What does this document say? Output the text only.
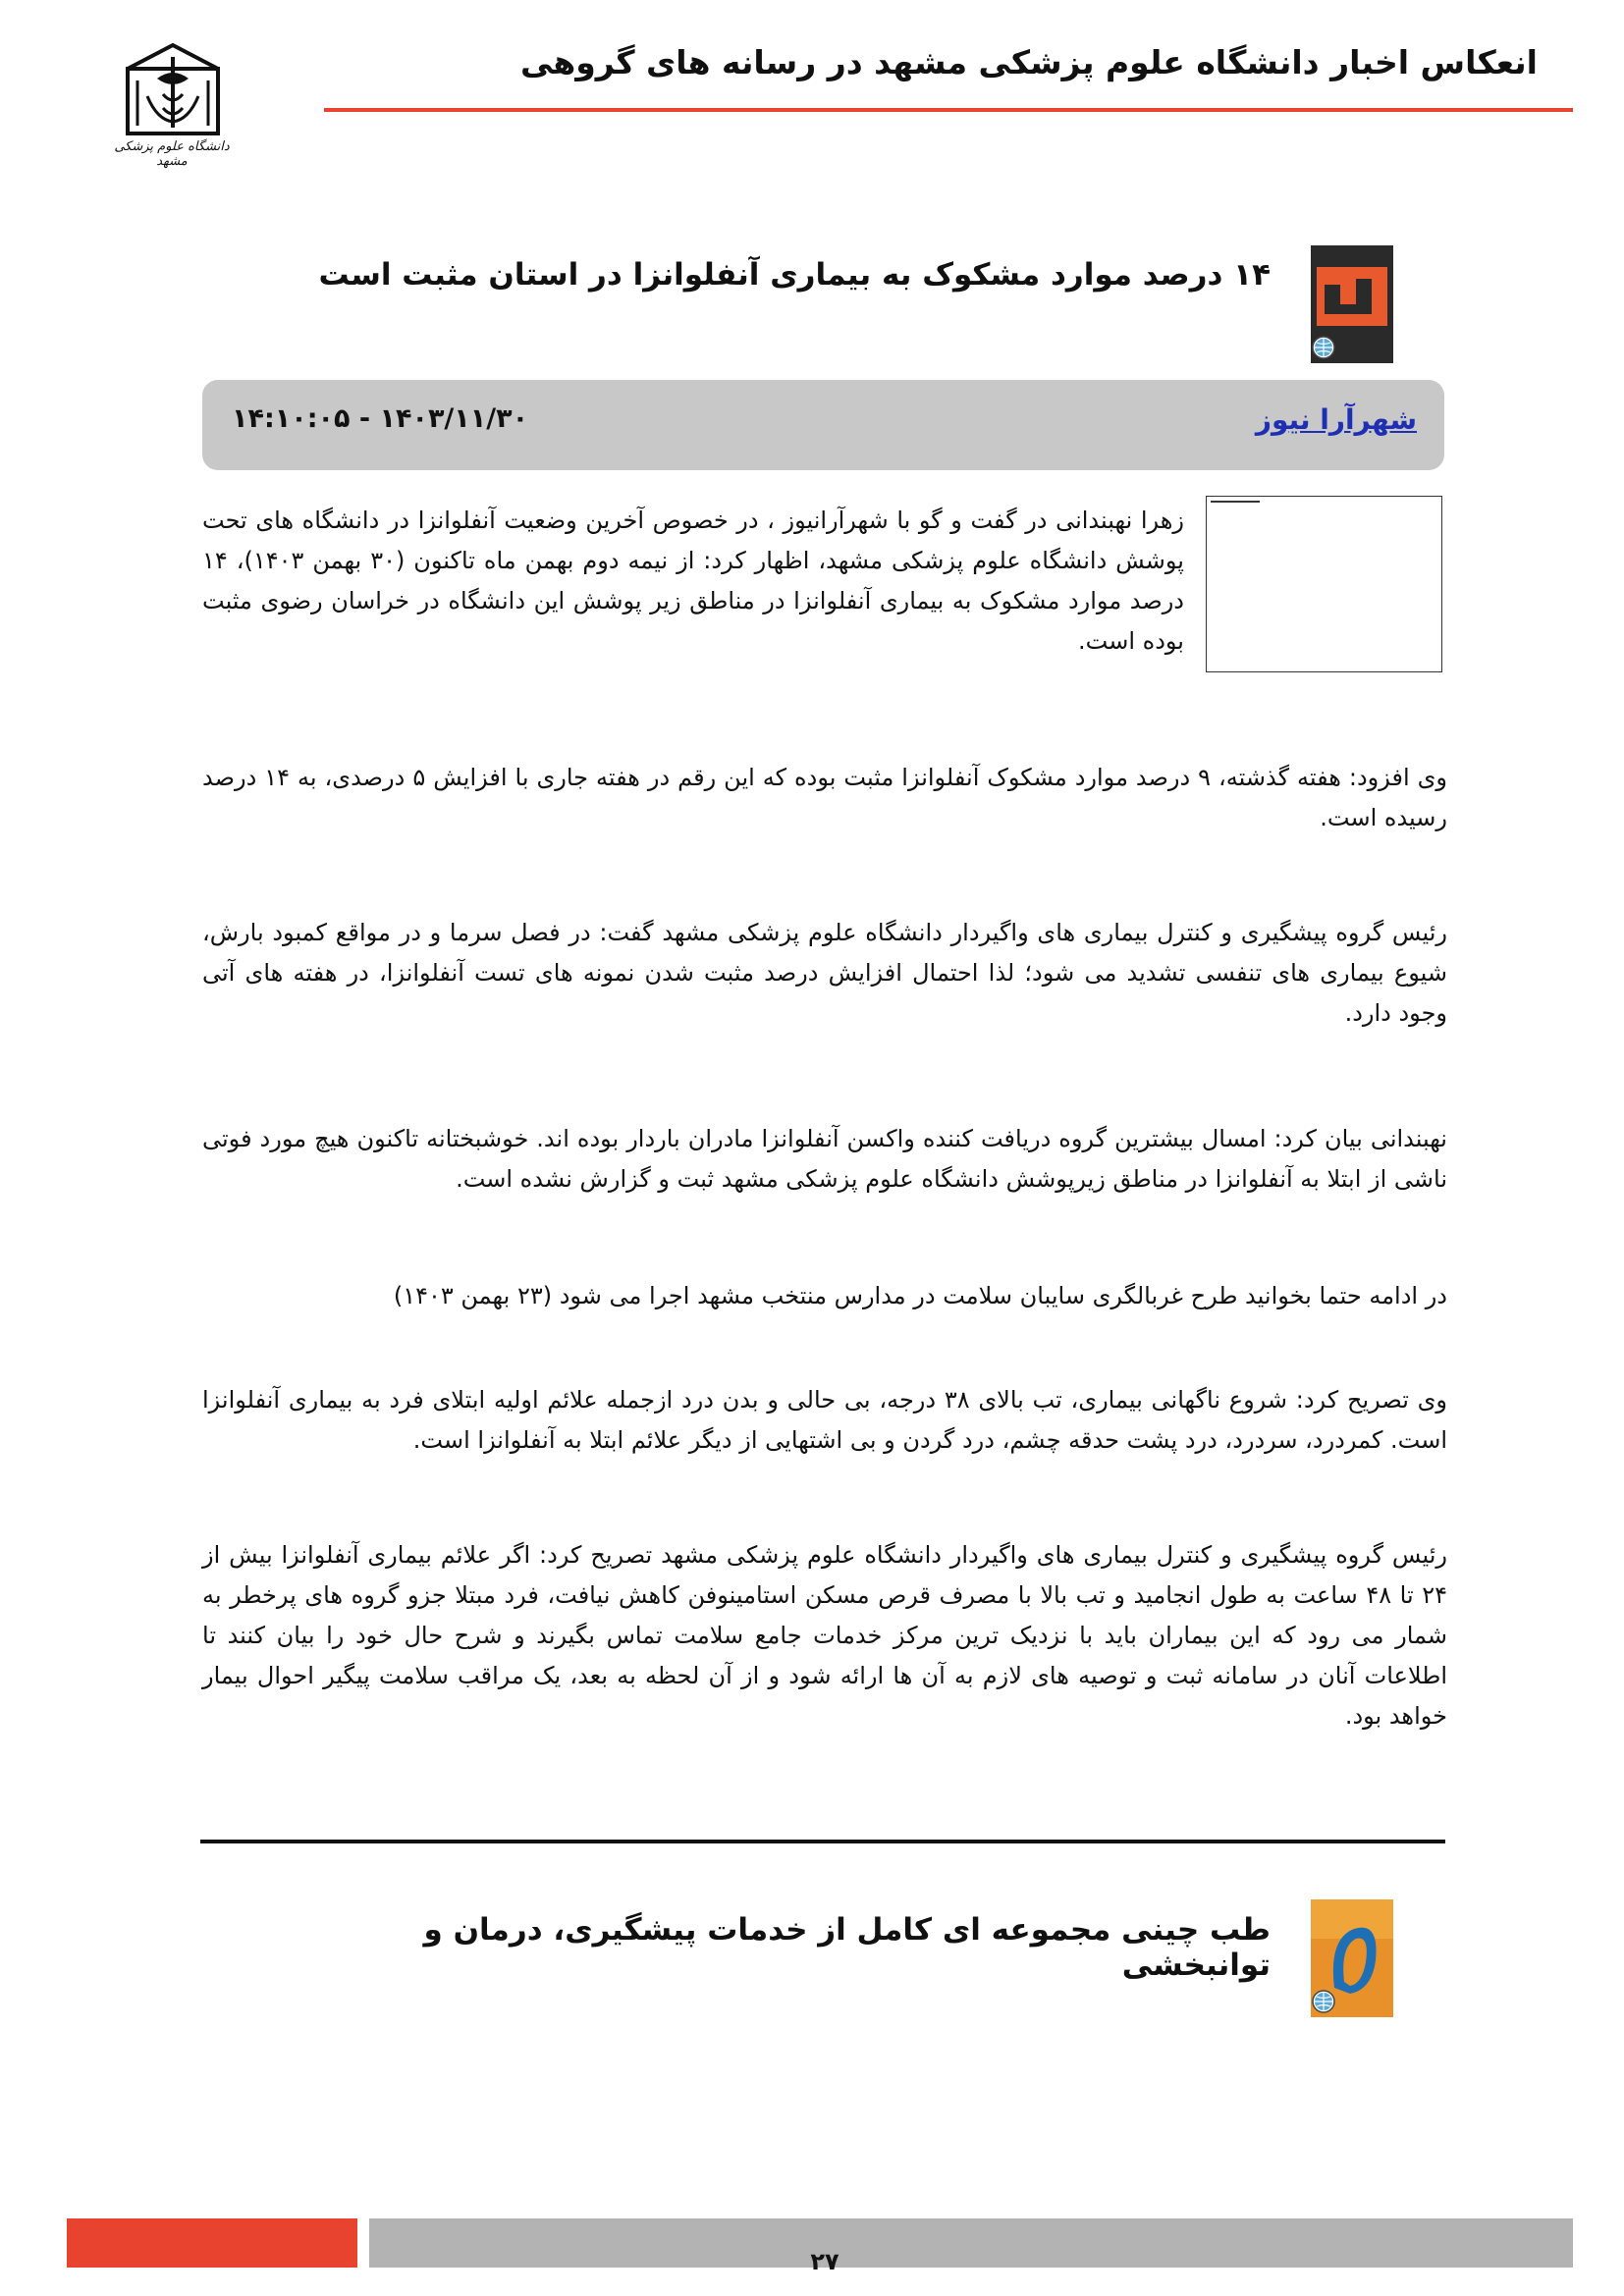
انعکاس اخبار دانشگاه علوم پزشکی مشهد در رسانه های گروهی
دانشگاه علوم پزشکی مشهد
۱۴ درصد موارد مشکوک به بیماری آنفلوانزا در استان مثبت است
شهرآرا نیوز
۱۴۰۳/۱۱/۳۰ - ۱۴:۱۰:۰۵

زهرا نهبندانی در گفت و گو با شهرآرانیوز ، در خصوص آخرین وضعیت آنفلوانزا در دانشگاه های تحت پوشش دانشگاه علوم پزشکی مشهد، اظهار کرد: از نیمه دوم بهمن ماه تاکنون (۳۰ بهمن ۱۴۰۳)، ۱۴ درصد موارد مشکوک به بیماری آنفلوانزا در مناطق زیر پوشش این دانشگاه در خراسان رضوی مثبت بوده است.

وی افزود: هفته گذشته، ۹ درصد موارد مشکوک آنفلوانزا مثبت بوده که این رقم در هفته جاری با افزایش ۵ درصدی، به ۱۴ درصد رسیده است.

رئیس گروه پیشگیری و کنترل بیماری های واگیردار دانشگاه علوم پزشکی مشهد گفت: در فصل سرما و در مواقع کمبود بارش، شیوع بیماری های تنفسی تشدید می شود؛ لذا احتمال افزایش درصد مثبت شدن نمونه های تست آنفلوانزا، در هفته های آتی وجود دارد.

نهبندانی بیان کرد: امسال بیشترین گروه دریافت کننده واکسن آنفلوانزا مادران باردار بوده اند. خوشبختانه تاکنون هیچ مورد فوتی ناشی از ابتلا به آنفلوانزا در مناطق زیرپوشش دانشگاه علوم پزشکی مشهد ثبت و گزارش نشده است.

در ادامه حتما بخوانید طرح غربالگری سایبان سلامت در مدارس منتخب مشهد اجرا می شود (۲۳ بهمن ۱۴۰۳)

وی تصریح کرد: شروع ناگهانی بیماری، تب بالای ۳۸ درجه، بی حالی و بدن درد ازجمله علائم اولیه ابتلای فرد به بیماری آنفلوانزا است. کمردرد، سردرد، درد پشت حدقه چشم، درد گردن و بی اشتهایی از دیگر علائم ابتلا به آنفلوانزا است.

رئیس گروه پیشگیری و کنترل بیماری های واگیردار دانشگاه علوم پزشکی مشهد تصریح کرد: اگر علائم بیماری آنفلوانزا بیش از ۲۴ تا ۴۸ ساعت به طول انجامید و تب بالا با مصرف قرص مسکن استامینوفن کاهش نیافت، فرد مبتلا جزو گروه های پرخطر به شمار می رود که این بیماران باید با نزدیک ترین مرکز خدمات جامع سلامت تماس بگیرند و شرح حال خود را بیان کنند تا اطلاعات آنان در سامانه ثبت و توصیه های لازم به آن ها ارائه شود و از آن لحظه به بعد، یک مراقب سلامت پیگیر احوال بیمار خواهد بود.

طب چینی مجموعه ای کامل از خدمات پیشگیری، درمان و توانبخشی
۲۷
